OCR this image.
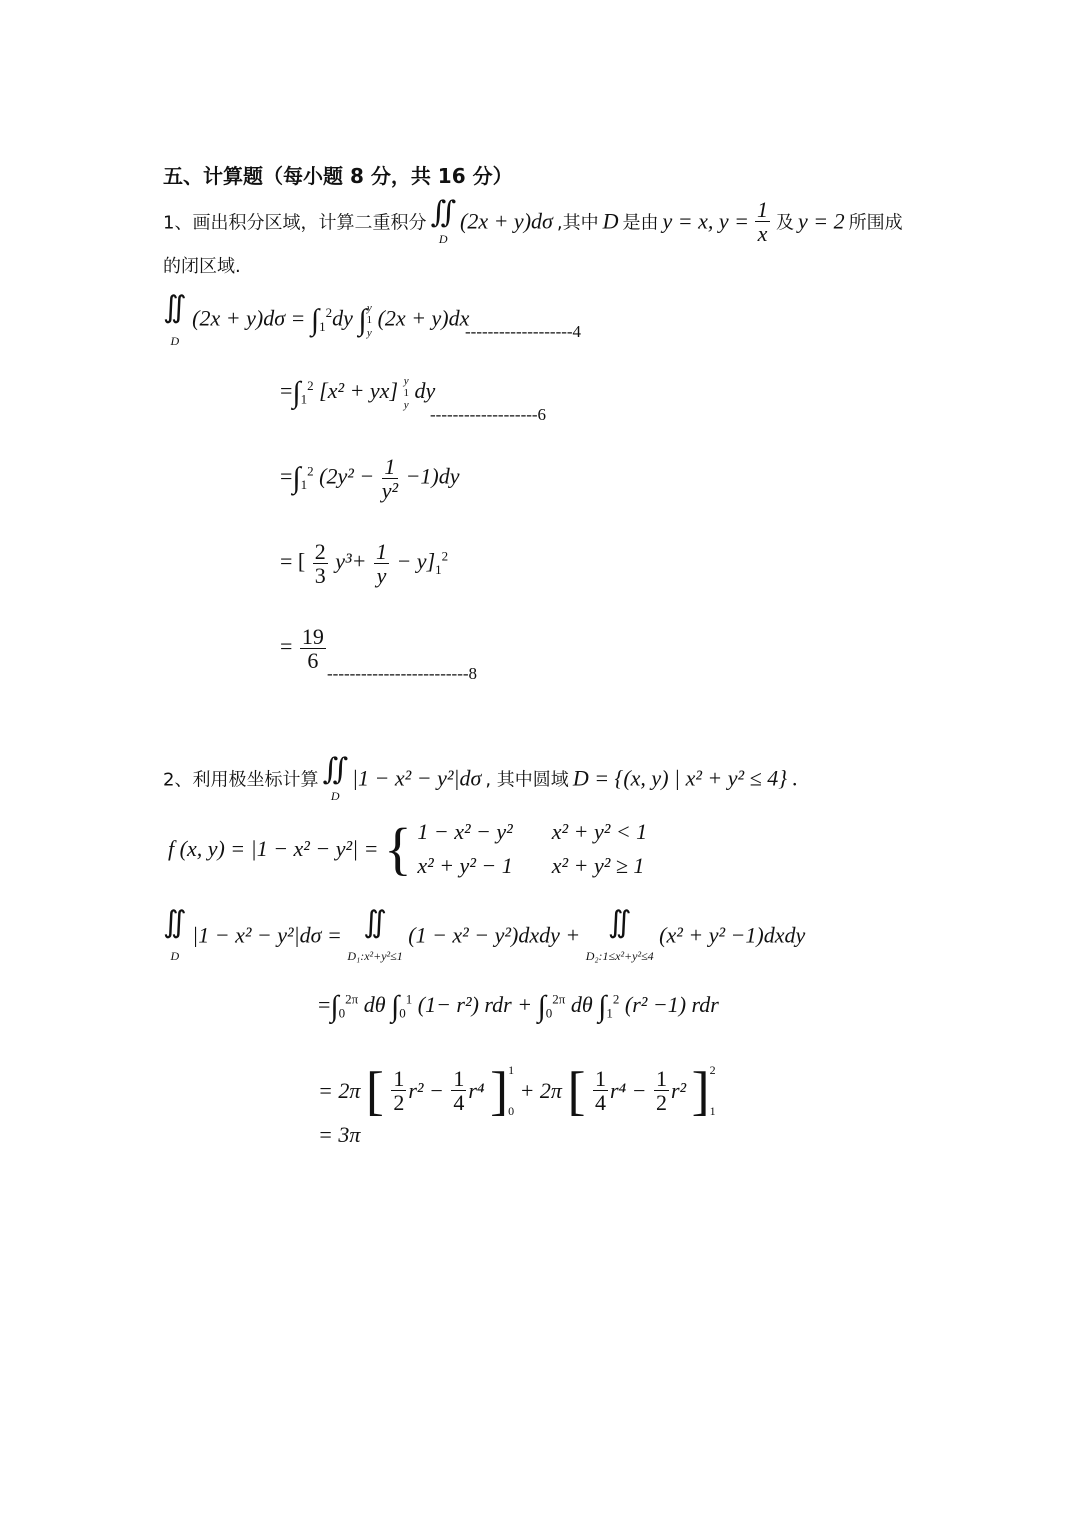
五、计算题（每小题 8 分，共 16 分）
1、画出积分区域，计算二重积分 ∬
D (2x + y)dσ ,其中 D 是由 y = x, $y = \frac{1}{x}$ 及 y = 2 所围成
的闭区域.
∬
D $(2x + y)d\sigma = \int_1^2dy$ ∫y
1
y (2x + y)dx
-------------------4
$=\int_1^2$ [x² + yx] y
1
y dy
-------------------6
$=\int_1^2$ $(2y^2 - \frac{1}{\text{y²}} -1)dy$
= [ $\frac{2}{3} y^3+ \frac{1}{y} - y]_1^2$
= $\frac{19}{6}$
-------------------------8
2、利用极坐标计算 ∬
D |1 − x² − y²|dσ , 其中圆域 D = {(x, y) | x² + y² ≤ 4} .
f (x, y) = |1 − x² − y²| = { 1 − x² − y² x² + y² < 1
x² + y² − 1 x² + y² ≥ 1
∬
D |1 − x² − y²|dσ = ∬
D₁:x²+y²≤1 (1 − x² − y²)dxdy + ∬
D₂:1≤x²+y²≤4 (x² + y² −1)dxdy
$=\int_0^{2\pi}$ dθ $\int_0^1$ (1− r²) rdr + $\int_0^{2\pi}$ dθ $\int_1^2$ (r² −1) rdr
= 2π [ $\frac{1}{2} r^2 - \frac{1}{4} r^4$ ]1
0 + 2π [ $\frac{1}{4} r^4 - \frac{1}{2} r^2$ ]2
1
= 3π
